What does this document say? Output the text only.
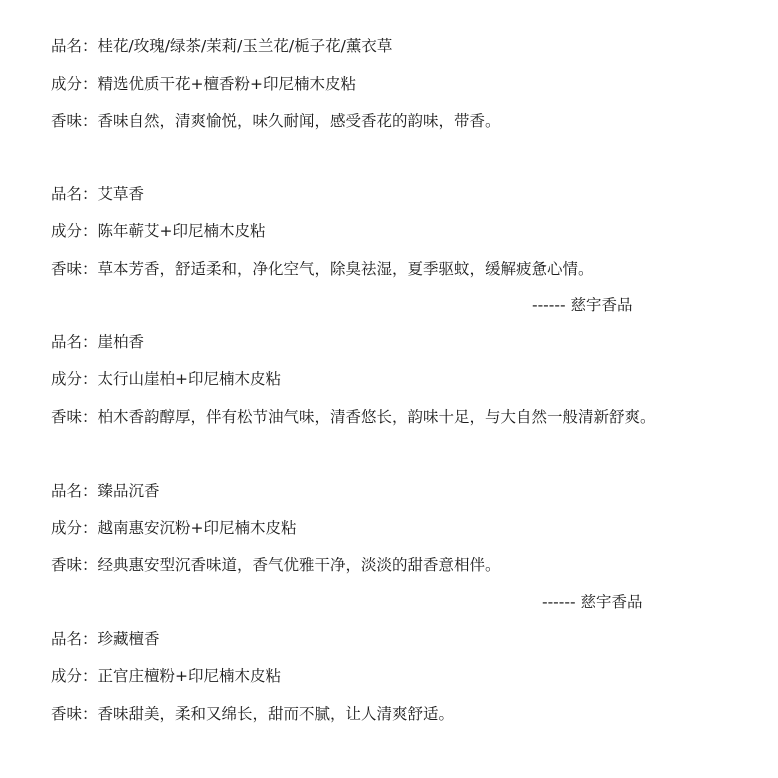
品名：桂花/玫瑰/绿茶/茉莉/玉兰花/栀子花/薰衣草
成分：精选优质干花+檀香粉+印尼楠木皮粘
香味：香味自然，清爽愉悦，味久耐闻，感受香花的韵味，带香。
品名：艾草香
成分：陈年蕲艾+印尼楠木皮粘
香味：草本芳香，舒适柔和，净化空气，除臭祛湿，夏季驱蚊，缓解疲惫心情。
------ 慈宇香品
品名：崖柏香
成分：太行山崖柏+印尼楠木皮粘
香味：柏木香韵醇厚，伴有松节油气味，清香悠长，韵味十足，与大自然一般清新舒爽。
品名：臻品沉香
成分：越南惠安沉粉+印尼楠木皮粘
香味：经典惠安型沉香味道，香气优雅干净，淡淡的甜香意相伴。
------ 慈宇香品
品名：珍藏檀香
成分：正官庄檀粉+印尼楠木皮粘
香味：香味甜美，柔和又绵长，甜而不腻，让人清爽舒适。
